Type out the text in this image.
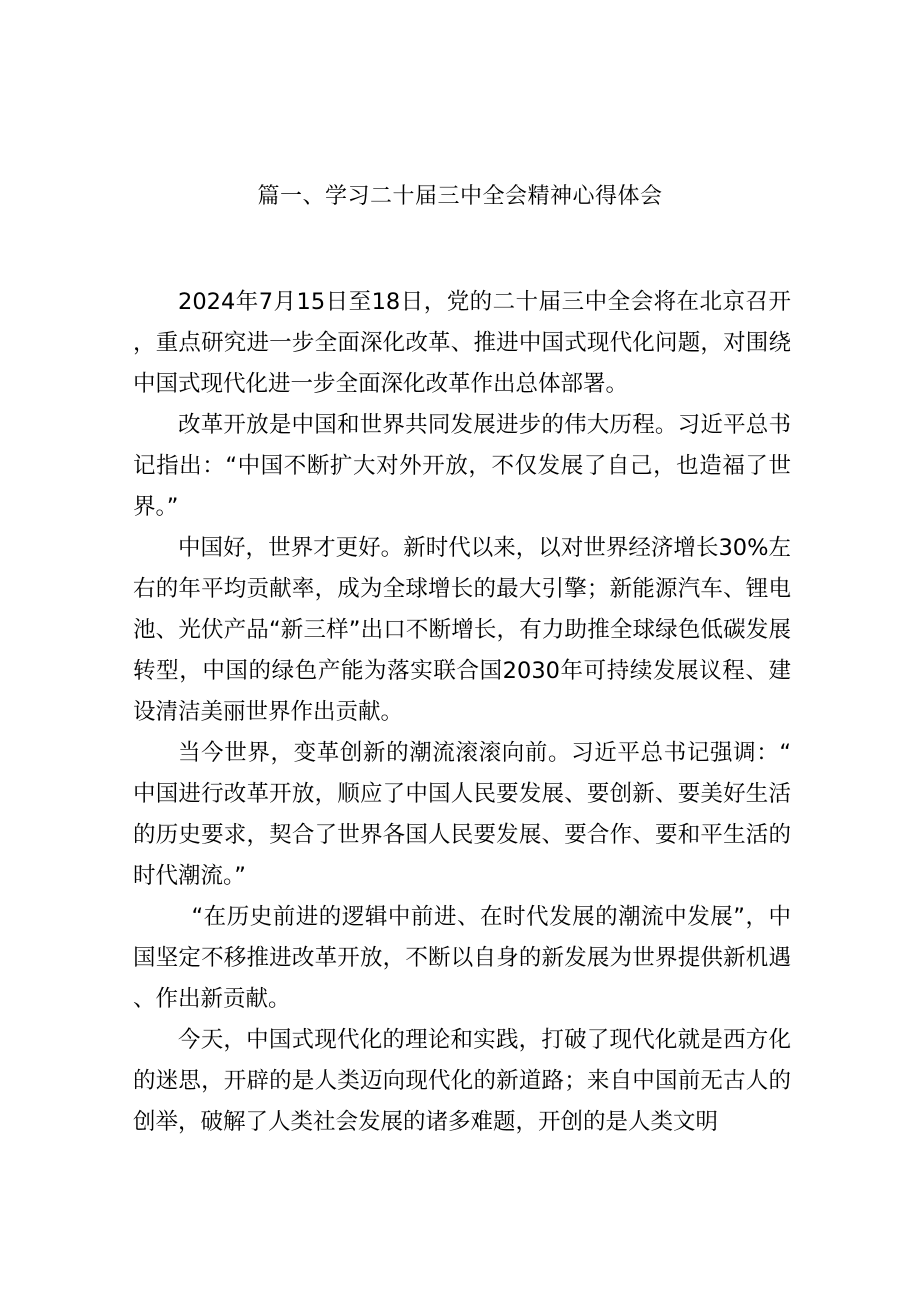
篇一、学习二十届三中全会精神心得体会

2024年7月15日至18日，党的二十届三中全会将在北京召开，重点研究进一步全面深化改革、推进中国式现代化问题，对围绕中国式现代化进一步全面深化改革作出总体部署。

改革开放是中国和世界共同发展进步的伟大历程。习近平总书记指出：“中国不断扩大对外开放，不仅发展了自己，也造福了世界。”

中国好，世界才更好。新时代以来，以对世界经济增长30%左右的年平均贡献率，成为全球增长的最大引擎；新能源汽车、锂电池、光伏产品“新三样”出口不断增长，有力助推全球绿色低碳发展转型，中国的绿色产能为落实联合国2030年可持续发展议程、建设清洁美丽世界作出贡献。

当今世界，变革创新的潮流滚滚向前。习近平总书记强调：“中国进行改革开放，顺应了中国人民要发展、要创新、要美好生活的历史要求，契合了世界各国人民要发展、要合作、要和平生活的时代潮流。”

“在历史前进的逻辑中前进、在时代发展的潮流中发展”，中国坚定不移推进改革开放，不断以自身的新发展为世界提供新机遇、作出新贡献。

今天，中国式现代化的理论和实践，打破了现代化就是西方化的迷思，开辟的是人类迈向现代化的新道路；来自中国前无古人的创举，破解了人类社会发展的诸多难题，开创的是人类文明
